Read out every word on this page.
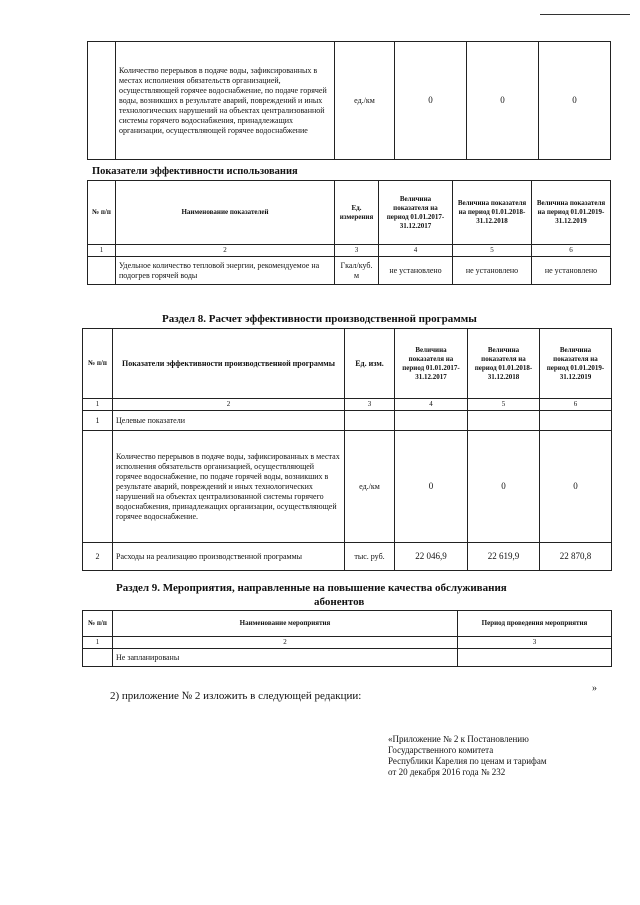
	Количество перерывов в подаче воды, зафиксированных в местах исполнения обязательств организацией, осуществляющей горячее водоснабжение, по подаче горячей воды, возникших в результате аварий, повреждений и иных технологических нарушений на объектах централизованной системы горячего водоснабжения, принадлежащих организации, осуществляющей горячее водоснабжение	ед./км	0	0	0
Показатели эффективности использования
№ п/п	Наименование показателей	Ед. измерения	Величина показателя на период 01.01.2017-31.12.2017	Величина показателя на период 01.01.2018-31.12.2018	Величина показателя на период 01.01.2019-31.12.2019
1	2	3	4	5	6
	Удельное количество тепловой энергии, рекомендуемое на подогрев горячей воды	Гкал/куб. м	не установлено	не установлено	не установлено
Раздел 8. Расчет эффективности производственной программы
№ п/п	Показатели эффективности производственной программы	Ед. изм.	Величина показателя на период 01.01.2017-31.12.2017	Величина показателя на период 01.01.2018-31.12.2018	Величина показателя на период 01.01.2019-31.12.2019
1	2	3	4	5	6
1	Целевые показатели				
	Количество перерывов в подаче воды, зафиксированных в местах исполнения обязательств организацией, осуществляющей горячее водоснабжение, по подаче горячей воды, возникших в результате аварий, повреждений и иных технологических нарушений на объектах централизованной системы горячего водоснабжения, принадлежащих организации, осуществляющей горячее водоснабжение.	ед./км	0	0	0
2	Расходы на реализацию производственной программы	тыс. руб.	22 046,9	22 619,9	22 870,8
Раздел 9. Мероприятия, направленные на повышение качества обслуживания
абонентов
№ п/п	Наименование мероприятия	Период проведения мероприятия
1	2	3
	Не запланированы	
»
2) приложение № 2 изложить в следующей редакции:
«Приложение № 2 к Постановлению
Государственного комитета
Республики Карелия по ценам и тарифам
от 20 декабря 2016 года № 232
